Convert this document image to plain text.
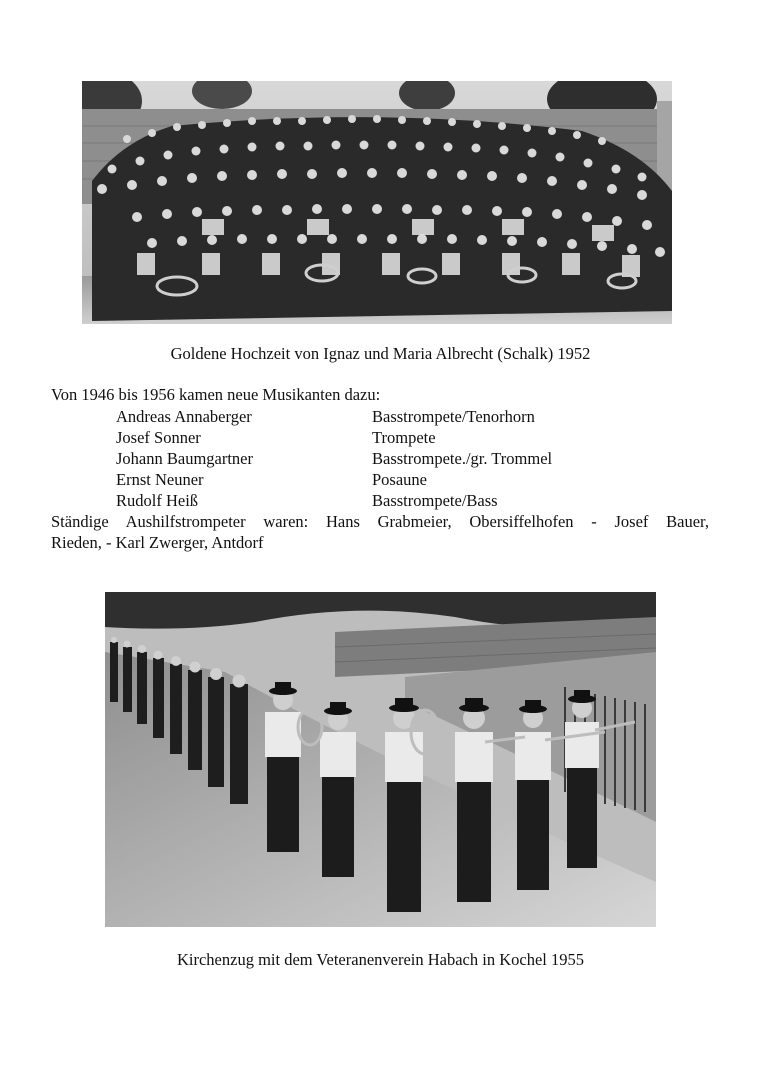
Goldene Hochzeit von Ignaz und Maria Albrecht (Schalk) 1952
Von 1946 bis 1956 kamen neue Musikanten dazu:
Andreas Annaberger	Basstrompete/Tenorhorn
Josef Sonner	Trompete
Johann Baumgartner	Basstrompete./gr. Trommel
Ernst Neuner	Posaune
Rudolf Heiß	Basstrompete/Bass
Ständige Aushilfstrompeter waren: Hans Grabmeier, Obersiffelhofen - Josef Bauer,
Rieden, - Karl Zwerger, Antdorf
Kirchenzug mit dem Veteranenverein Habach in Kochel 1955
